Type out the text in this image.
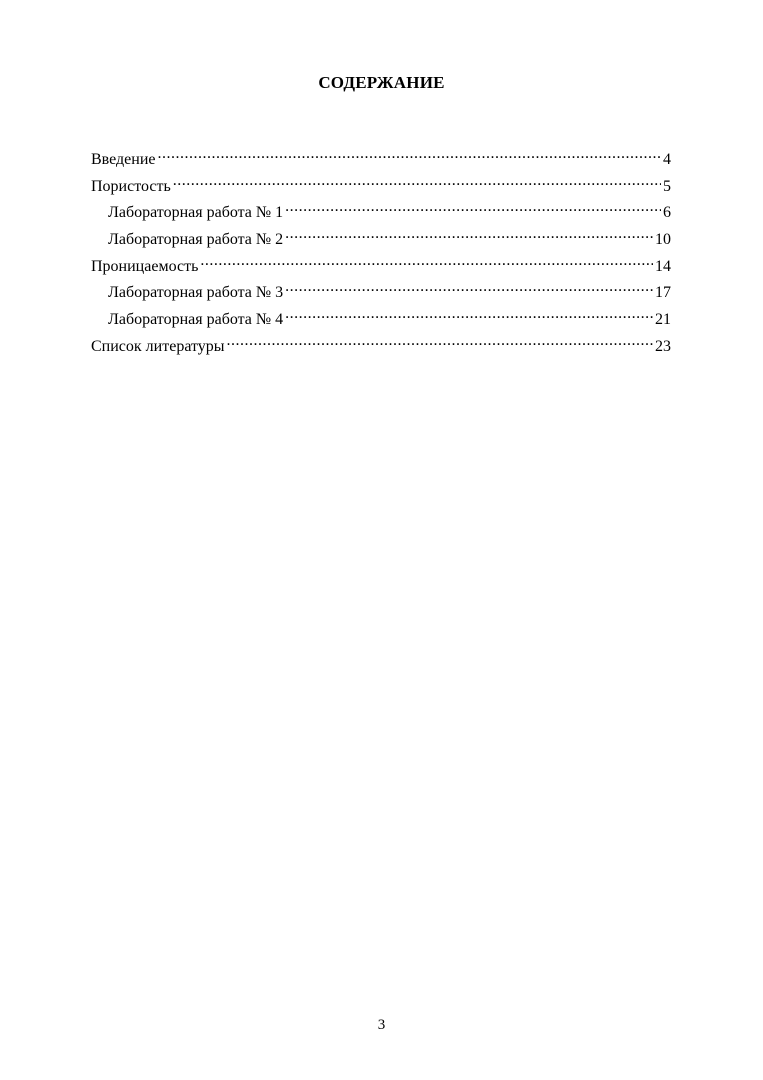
СОДЕРЖАНИЕ
Введение .....	4
Пористость .....	5
Лабораторная работа № 1 .....	6
Лабораторная работа № 2 .....	10
Проницаемость .....	14
Лабораторная работа № 3 .....	17
Лабораторная работа № 4 .....	21
Список литературы .....	23
3
